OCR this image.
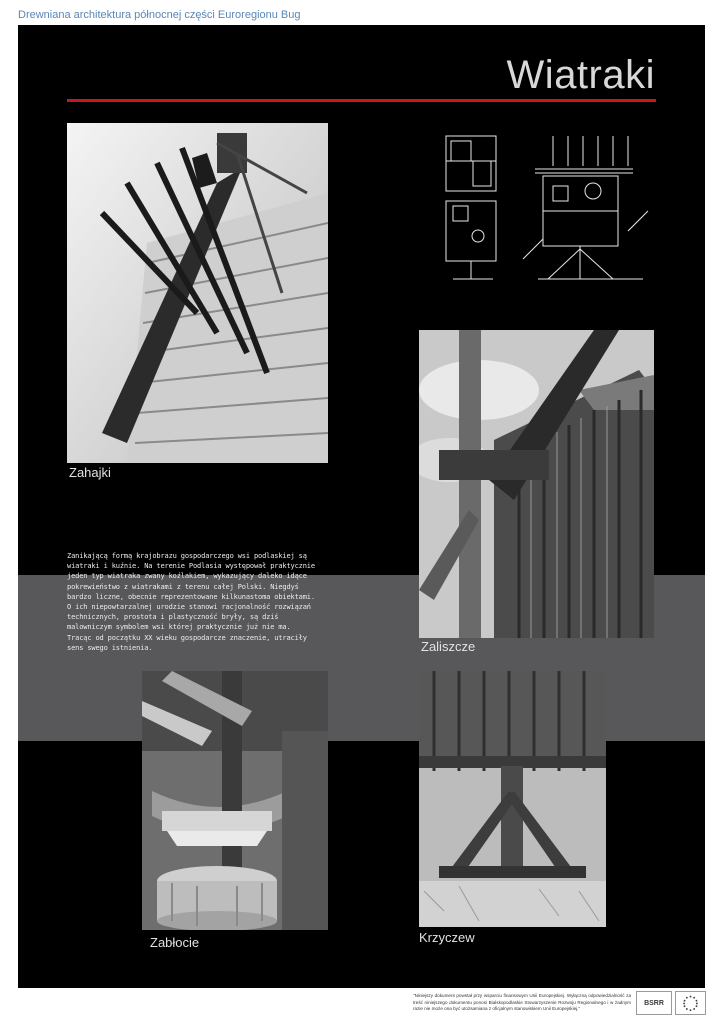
Drewniana architektura północnej części Euroregionu Bug
Wiatraki
Zahajki
Zaliszcze
Zanikającą formą krajobrazu gospodarczego wsi podlaskiej są
wiatraki i kuźnie. Na terenie Podlasia występował praktycznie
jeden typ wiatraka zwany koźlakiem, wykazujący daleko idące
pokrewieństwo z wiatrakami z terenu całej Polski. Niegdyś
bardzo liczne, obecnie reprezentowane kilkunastoma obiektami.
O ich niepowtarzalnej urodzie stanowi racjonalność rozwiązań
technicznych, prostota i plastyczność bryły, są dziś
malowniczym symbolem wsi której praktycznie już nie ma.
Tracąc od początku XX wieku gospodarcze znaczenie, utraciły
sens swego istnienia.
Zabłocie	Krzyczew
"Niniejszy dokument powstał przy wsparciu finansowym Unii Europejskiej. Wyłączną odpowiedzialność za treść niniejszego dokumentu ponosi Bialskopodlaskie Stowarzyszenie Rozwoju Regionalnego i w żadnym razie nie może ona być utożsamiana z oficjalnym stanowiskiem Unii Europejskiej."
BSRR
